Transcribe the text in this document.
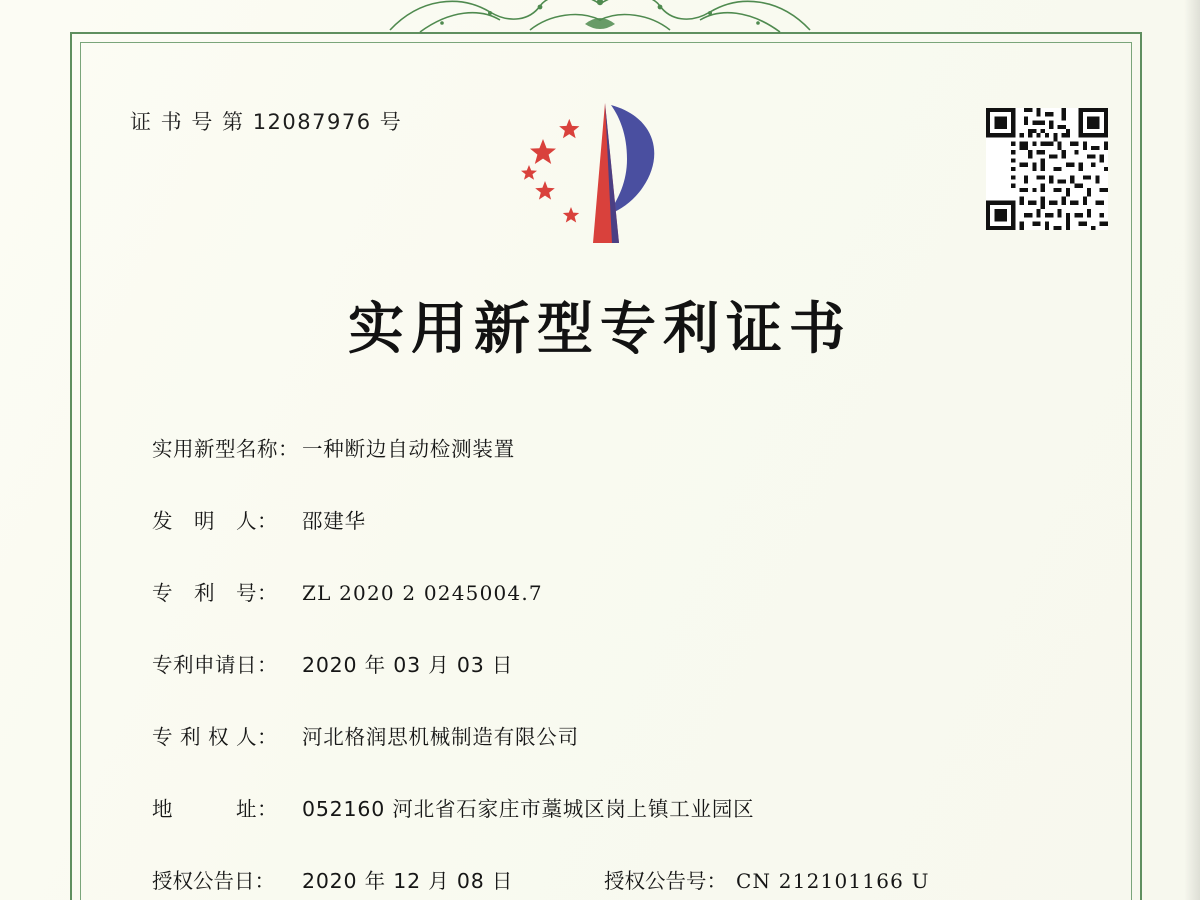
证 书 号 第 12087976 号
实用新型专利证书
实用新型名称： 一种断边自动检测装置
发　明　人： 邵建华
专　利　号： ZL 2020 2 0245004.7
专利申请日： 2020 年 03 月 03 日
专 利 权 人： 河北格润思机械制造有限公司
地　　　址： 052160 河北省石家庄市藁城区岗上镇工业园区
授权公告日： 2020 年 12 月 08 日	授权公告号： CN 212101166 U
